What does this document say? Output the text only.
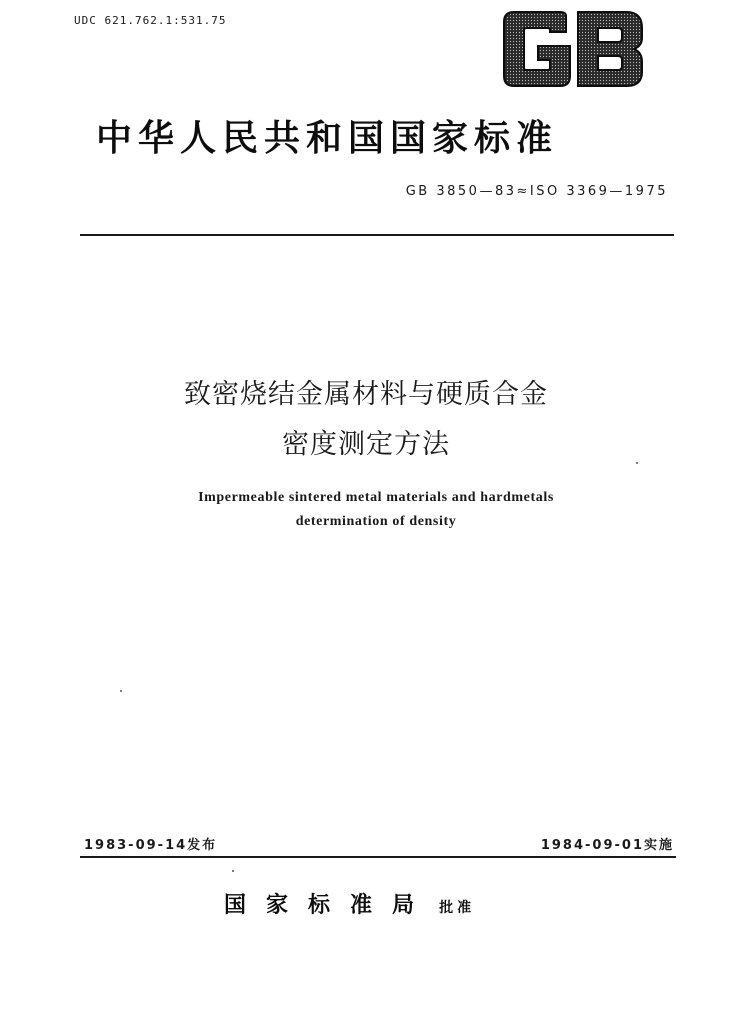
UDC 621.762.1:531.75
中华人民共和国国家标准
GB 3850—83≈ISO 3369—1975
致密烧结金属材料与硬质合金
密度测定方法
Impermeable sintered metal materials and hardmetals
determination of density
1983-09-14发布	1984-09-01实施
国家标准局 批准
